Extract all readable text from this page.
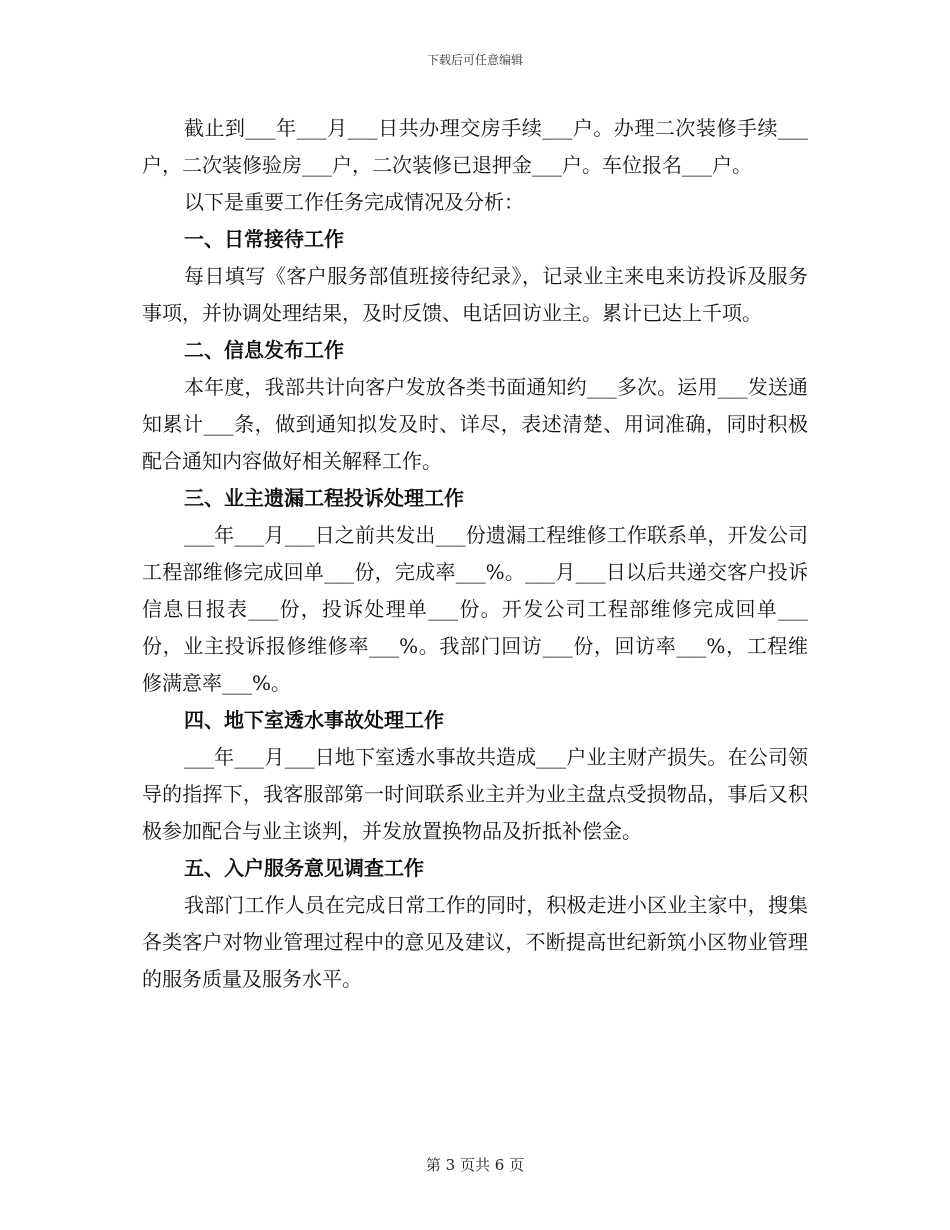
下载后可任意编辑

截止到___年___月___日共办理交房手续___户。办理二次装修手续___户，二次装修验房___户，二次装修已退押金___户。车位报名___户。

以下是重要工作任务完成情况及分析：

一、日常接待工作

每日填写《客户服务部值班接待纪录》，记录业主来电来访投诉及服务事项，并协调处理结果，及时反馈、电话回访业主。累计已达上千项。

二、信息发布工作

本年度，我部共计向客户发放各类书面通知约___多次。运用___发送通知累计___条，做到通知拟发及时、详尽，表述清楚、用词准确，同时积极配合通知内容做好相关解释工作。

三、业主遗漏工程投诉处理工作

___年___月___日之前共发出___份遗漏工程维修工作联系单，开发公司工程部维修完成回单___份，完成率___%。___月___日以后共递交客户投诉信息日报表___份，投诉处理单___份。开发公司工程部维修完成回单___份，业主投诉报修维修率___%。我部门回访___份，回访率___%，工程维修满意率___%。

四、地下室透水事故处理工作

___年___月___日地下室透水事故共造成___户业主财产损失。在公司领导的指挥下，我客服部第一时间联系业主并为业主盘点受损物品，事后又积极参加配合与业主谈判，并发放置换物品及折抵补偿金。

五、入户服务意见调查工作

我部门工作人员在完成日常工作的同时，积极走进小区业主家中，搜集各类客户对物业管理过程中的意见及建议，不断提高世纪新筑小区物业管理的服务质量及服务水平。

第 3 页共 6 页
